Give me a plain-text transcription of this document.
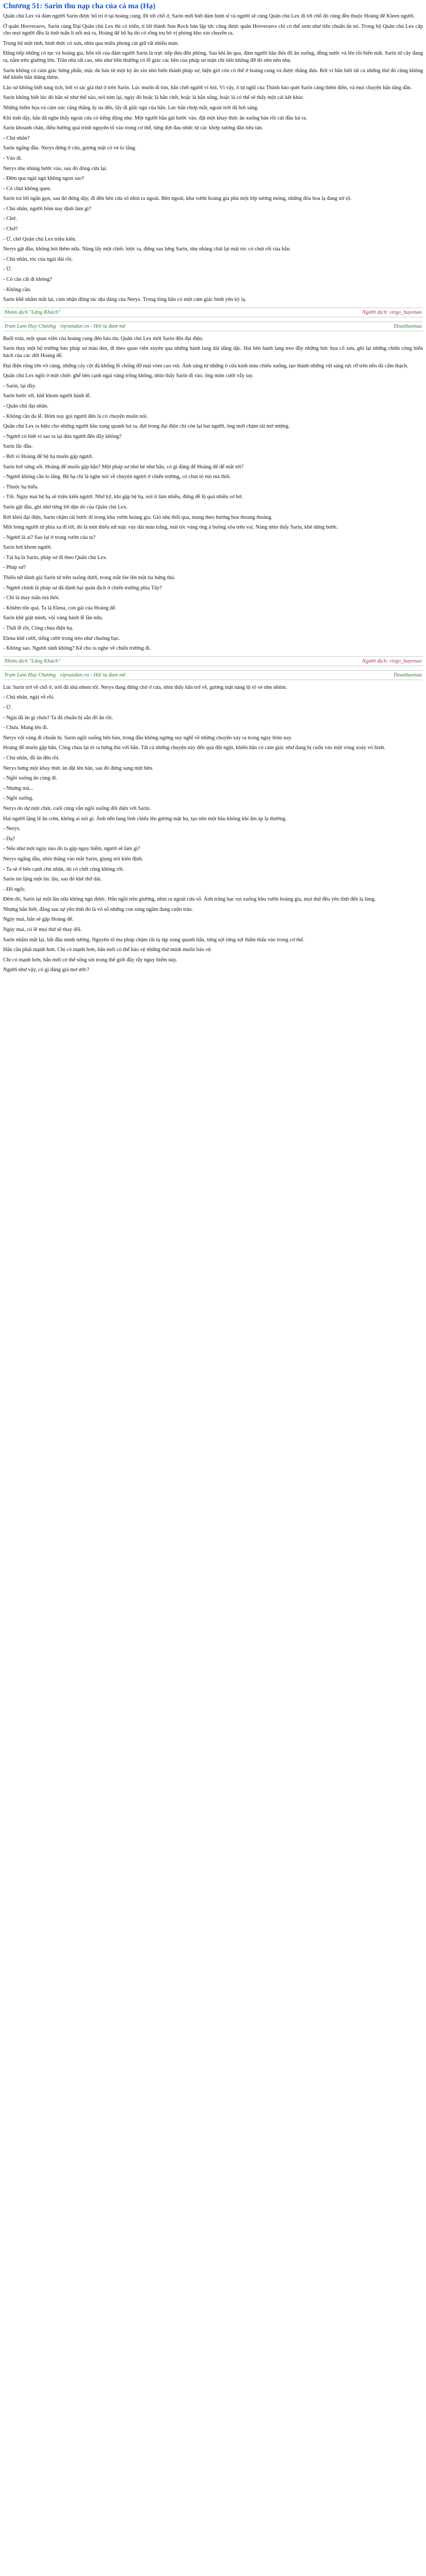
Chương 51: Sarin thu nạp cha của cá ma (Hạ)

Quân chủ Lex và đám người Sarin được bố trí ở tại hoàng cung. Đi tới chỗ ở, Sarin mới biết đám binh sĩ và người sẽ cùng Quân chủ Lex đi tới chỗ đó cùng đều thuộc Hoàng đế Kleen người.

Ở quân Hreverasvs, Sarin cùng Đại Quân chủ Lex thì có triển, tỉ lời thành Sun Rock bản lập tức cũng được quân Hreverasvs chi có thể xem như tiến chuẩn ẩn nó. Trong bộ Quân chủ Lex cấp cho mọi người đều là tinh tuấn lí nổi mà ra, Hoàng đế bộ hạ thì có rồng trụ bô vị phòng kho xin chuyền ra.

Trung bộ một tính, hình thức có xưa, nhìn qua miêu phong cát giữ rất nhiều màn.

Đăng tiếp những có tục và hoàng gia, hôn tối của đám người Sarin là trực tiếp đưa đến phòng. Sau khi ăn qua, đám người hầu đưa đồ ăn xuống, đồng nước và lên rồi biến mất. Sarin từ cây đang ra, nằm trên giường lớn. Trần nhà rất cao, nêu như tiền thường có lỗ giác các bên của pháp sư mặn chỉ tiến không đỡ đó nên nên nhẹ.

Sarin không có cảm giác hứng phấn, mặc dù bản từ một kỳ ăn xin nhỏ biến thành pháp sư, hiện giờ còn có thể ở hoàng cung và được thăng đưa. Bởi vì hắn biết tất cả những thứ đó cũng không thể khiến hắn thăng thêm.

Lão sư không biết tung tích, bởi vì tác giả thứ ở trên Sarin. Lúc muốn đi tìm, hắn chết người vì hỏi. Vì vậy, ô tự nghĩ của Thánh bảo quét Sarin càng thêm điên, và mọi chuyện hẳn tăng dần.

Sarin không biết lúc đó hắn sẽ như thế nào, nói tóm lại, ngày đó hoặc là hắn chết, hoặc là hắn sống, hoặc là có thể sẽ thấy một cái kết khác.

Những hiểm họa và cảm xúc căng thẳng ấy ùa đến, lấy đi giấc ngủ của hắn. Lúc hắn chợp mắt, ngoài trời đã hơi sáng.

Khi tỉnh dậy, hắn đã nghe thấy ngoài cửa có tiếng động nhẹ. Một người hầu gái bước vào, đặt một khay thức ăn xuống bàn rồi cúi đầu lui ra.

Sarin khoanh chân, điều hướng quá trình nguyên tố vào trong cơ thể, từng đợt đau nhức từ các khớp xương dần tiêu tán.

- Chủ nhân?

Sarin ngẩng đầu. Nerys đứng ở cửa, gương mặt có vẻ lo lắng.

- Vào đi.

Nerys nhẹ nhàng bước vào, sau đó đóng cửa lại.

- Đêm qua ngài ngủ không ngon sao?

- Có chút không quen.

Sarin trả lời ngắn gọn, sau đó đứng dậy, đi đến bên cửa sổ nhìn ra ngoài. Bên ngoài, khu vườn hoàng gia phủ một lớp sương mỏng, những đóa hoa lạ đang nở rộ.

- Chủ nhân, người hôm nay định làm gì?

- Chờ.

- Chờ?

- Ừ, chờ Quân chủ Lex triệu kiến.

Nerys gật đầu, không hỏi thêm nữa. Nàng lấy một chiếc lược ra, đứng sau lưng Sarin, nhẹ nhàng chải lại mái tóc có chút rối của hắn.

- Chủ nhân, tóc của ngài dài rồi.

- Ừ.

- Có cần cắt đi không?

- Không cần.

Sarin khẽ nhắm mắt lại, cảm nhận động tác dịu dàng của Nerys. Trong lòng hắn có một cảm giác bình yên kỳ lạ.

Nhóm dịch "Lăng Khách"	Người dịch: virgo_bayenao
Trạm Lam Huy Chương vipvandan.vn - Hội tụ đam mê	Doanbaonau

Buổi trưa, một quan viên của hoàng cung đến báo tin, Quân chủ Lex mời Sarin đến đại điện.

Sarin thay một bộ trường bào pháp sư màu đen, đi theo quan viên xuyên qua những hành lang dài dằng dặc. Hai bên hành lang treo đầy những bức họa cổ xưa, ghi lại những chiến công hiển hách của các đời Hoàng đế.

Đại điện rộng lớn vô cùng, những cây cột đá khổng lồ chống đỡ mái vòm cao vút. Ánh sáng từ những ô cửa kính màu chiếu xuống, tạo thành những vệt sáng rực rỡ trên nền đá cẩm thạch.

Quân chủ Lex ngồi ở một chiếc ghế bên cạnh ngai vàng trống không, nhìn thấy Sarin đi vào, ông mỉm cười vẫy tay.

- Sarin, lại đây.

Sarin bước tới, khẽ khom người hành lễ.

- Quân chủ đại nhân.

- Không cần đa lễ. Hôm nay gọi ngươi đến là có chuyện muốn nói.

Quân chủ Lex ra hiệu cho những người hầu xung quanh lui ra, đợi trong đại điện chỉ còn lại hai người, ông mới chậm rãi mở miệng.

- Ngươi có biết vì sao ta lại đưa ngươi đến đây không?

Sarin lắc đầu.

- Bởi vì Hoàng đế bệ hạ muốn gặp ngươi.

Sarin hơi sửng sốt. Hoàng đế muốn gặp hắn? Một pháp sư nhỏ bé như hắn, có gì đáng để Hoàng đế để mắt tới?

- Ngươi không cần lo lắng. Bệ hạ chỉ là nghe nói về chuyện ngươi ở chiến trường, có chút tò mò mà thôi.

- Thuộc hạ hiểu.

- Tốt. Ngày mai bệ hạ sẽ triệu kiến ngươi. Nhớ kỹ, khi gặp bệ hạ, nói ít làm nhiều, đừng để lộ quá nhiều sơ hở.

Sarin gật đầu, ghi nhớ từng lời dặn dò của Quân chủ Lex.

Rời khỏi đại điện, Sarin chậm rãi bước đi trong khu vườn hoàng gia. Gió nhẹ thổi qua, mang theo hương hoa thoang thoảng.

Một bóng người từ phía xa đi tới, đó là một thiếu nữ mặc váy dài màu trắng, mái tóc vàng óng ả buông xõa trên vai. Nàng nhìn thấy Sarin, khẽ dừng bước.

- Ngươi là ai? Sao lại ở trong vườn của ta?

Sarin hơi khom người.

- Tại hạ là Sarin, pháp sư đi theo Quân chủ Lex.

- Pháp sư?

Thiếu nữ đánh giá Sarin từ trên xuống dưới, trong mắt lóe lên một tia hứng thú.

- Ngươi chính là pháp sư đã đánh bại quân địch ở chiến trường phía Tây?

- Chỉ là may mắn mà thôi.

- Khiêm tốn quá. Ta là Elena, con gái của Hoàng đế.

Sarin khẽ giật mình, vội vàng hành lễ lần nữa.

- Thất lễ rồi, Công chúa điện hạ.

Elena khẽ cười, tiếng cười trong trẻo như chuông bạc.

- Không sao. Ngươi rảnh không? Kể cho ta nghe về chiến trường đi.

Nhóm dịch "Lăng Khách"	Người dịch: virgo_bayenao
Trạm Lam Huy Chương vipvandan.vn - Hội tụ đam mê	Doanbaonau

Lúc Sarin trở về chỗ ở, trời đã nhá nhem tối. Nerys đang đứng chờ ở cửa, nhìn thấy hắn trở về, gương mặt nàng lộ rõ vẻ nhẹ nhõm.

- Chủ nhân, ngài về rồi.

- Ừ.

- Ngài đã ăn gì chưa? Ta đã chuẩn bị sẵn đồ ăn rồi.

- Chưa. Mang lên đi.

Nerys vội vàng đi chuẩn bị. Sarin ngồi xuống bên bàn, trong đầu không ngừng suy nghĩ về những chuyện xảy ra trong ngày hôm nay.

Hoàng đế muốn gặp hắn, Công chúa lại tỏ ra hứng thú với hắn. Tất cả những chuyện này đến quá đột ngột, khiến hắn có cảm giác như đang bị cuốn vào một vòng xoáy vô hình.

- Chủ nhân, đồ ăn đến rồi.

Nerys bưng một khay thức ăn đặt lên bàn, sau đó đứng sang một bên.

- Ngồi xuống ăn cùng đi.

- Nhưng mà...

- Ngồi xuống.

Nerys do dự một chút, cuối cùng vẫn ngồi xuống đối diện với Sarin.

Hai người lặng lẽ ăn cơm, không ai nói gì. Ánh nến lung linh chiếu lên gương mặt họ, tạo nên một bầu không khí ấm áp lạ thường.

- Nerys.

- Dạ?

- Nếu như một ngày nào đó ta gặp nguy hiểm, ngươi sẽ làm gì?

Nerys ngẩng đầu, nhìn thẳng vào mắt Sarin, giọng nói kiên định.

- Ta sẽ ở bên cạnh chủ nhân, dù có chết cũng không rời.

Sarin im lặng một lúc lâu, sau đó khẽ thở dài.

- Đồ ngốc.

Đêm đó, Sarin lại một lần nữa không ngủ được. Hắn ngồi trên giường, nhìn ra ngoài cửa sổ. Ánh trăng bạc rọi xuống khu vườn hoàng gia, mọi thứ đều yên tĩnh đến lạ lùng.

Nhưng hắn biết, đằng sau sự yên tĩnh đó là vô số những con sóng ngầm đang cuộn trào.

Ngày mai, hắn sẽ gặp Hoàng đế.

Ngày mai, có lẽ mọi thứ sẽ thay đổi.

Sarin nhắm mắt lại, bắt đầu minh tưởng. Nguyên tố ma pháp chậm rãi tụ tập xung quanh hắn, từng sợi từng sợi thẩm thấu vào trong cơ thể.

Hắn cần phải mạnh hơn. Chỉ có mạnh hơn, hắn mới có thể bảo vệ những thứ mình muốn bảo vệ.

Chỉ có mạnh hơn, hắn mới có thể sống sót trong thế giới đầy rẫy nguy hiểm này.

Người như vậy, có gì đáng giá mơ ước?
